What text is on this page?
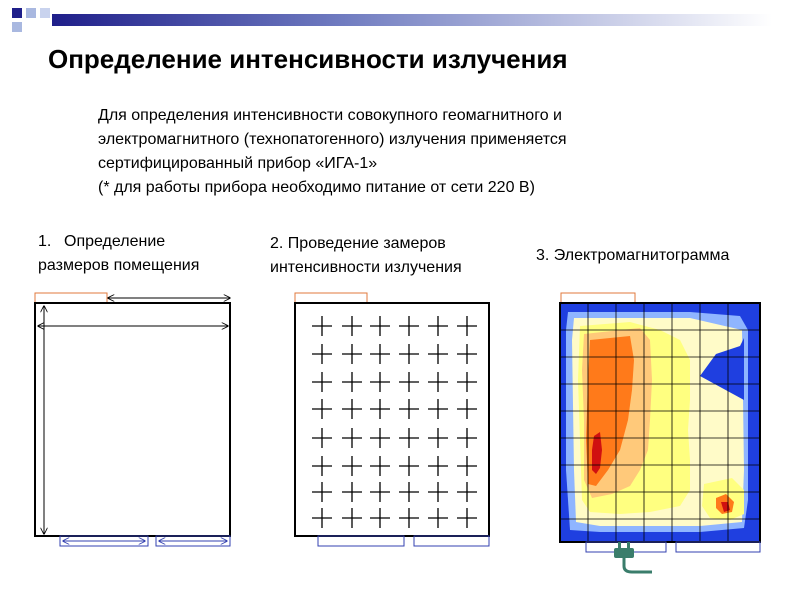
Определение интенсивности излучения
Для определения интенсивности совокупного геомагнитного и
электромагнитного (технопатогенного) излучения применяется
сертифицированный прибор «ИГА-1»
(* для работы прибора необходимо питание от сети 220 В)
1. Определение
размеров помещения
2. Проведение замеров
интенсивности излучения
3. Электромагнитограмма
